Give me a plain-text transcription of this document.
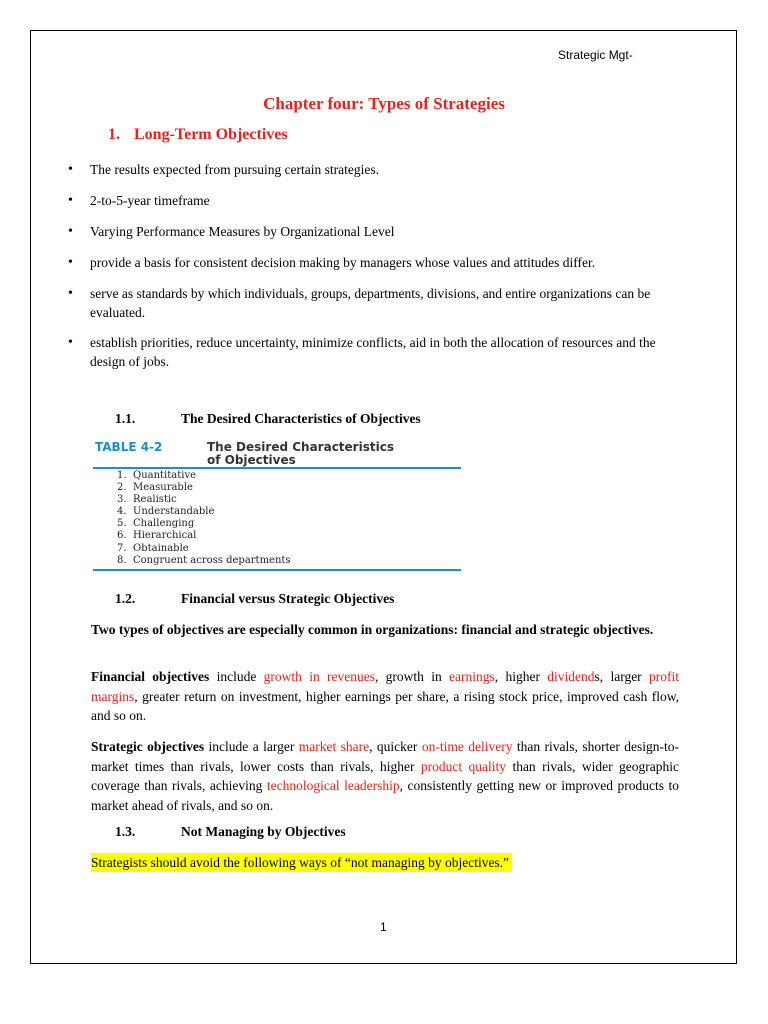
Strategic Mgt-
Chapter four: Types of Strategies
1. Long-Term Objectives
• The results expected from pursuing certain strategies.
• 2-to-5-year timeframe
• Varying Performance Measures by Organizational Level
• provide a basis for consistent decision making by managers whose values and attitudes differ.
• serve as standards by which individuals, groups, departments, divisions, and entire organizations can be evaluated.
• establish priorities, reduce uncertainty, minimize conflicts, aid in both the allocation of resources and the design of jobs.
1.1.	The Desired Characteristics of Objectives
TABLE 4-2	The Desired Characteristics
of Objectives
1. Quantitative
2. Measurable
3. Realistic
4. Understandable
5. Challenging
6. Hierarchical
7. Obtainable
8. Congruent across departments
1.2.	Financial versus Strategic Objectives
Two types of objectives are especially common in organizations: financial and strategic objectives.
Financial objectives include growth in revenues, growth in earnings, higher dividends, larger profit margins, greater return on investment, higher earnings per share, a rising stock price, improved cash flow, and so on.
Strategic objectives include a larger market share, quicker on-time delivery than rivals, shorter design-to-market times than rivals, lower costs than rivals, higher product quality than rivals, wider geographic coverage than rivals, achieving technological leadership, consistently getting new or improved products to market ahead of rivals, and so on.
1.3.	Not Managing by Objectives
Strategists should avoid the following ways of “not managing by objectives.”
1
